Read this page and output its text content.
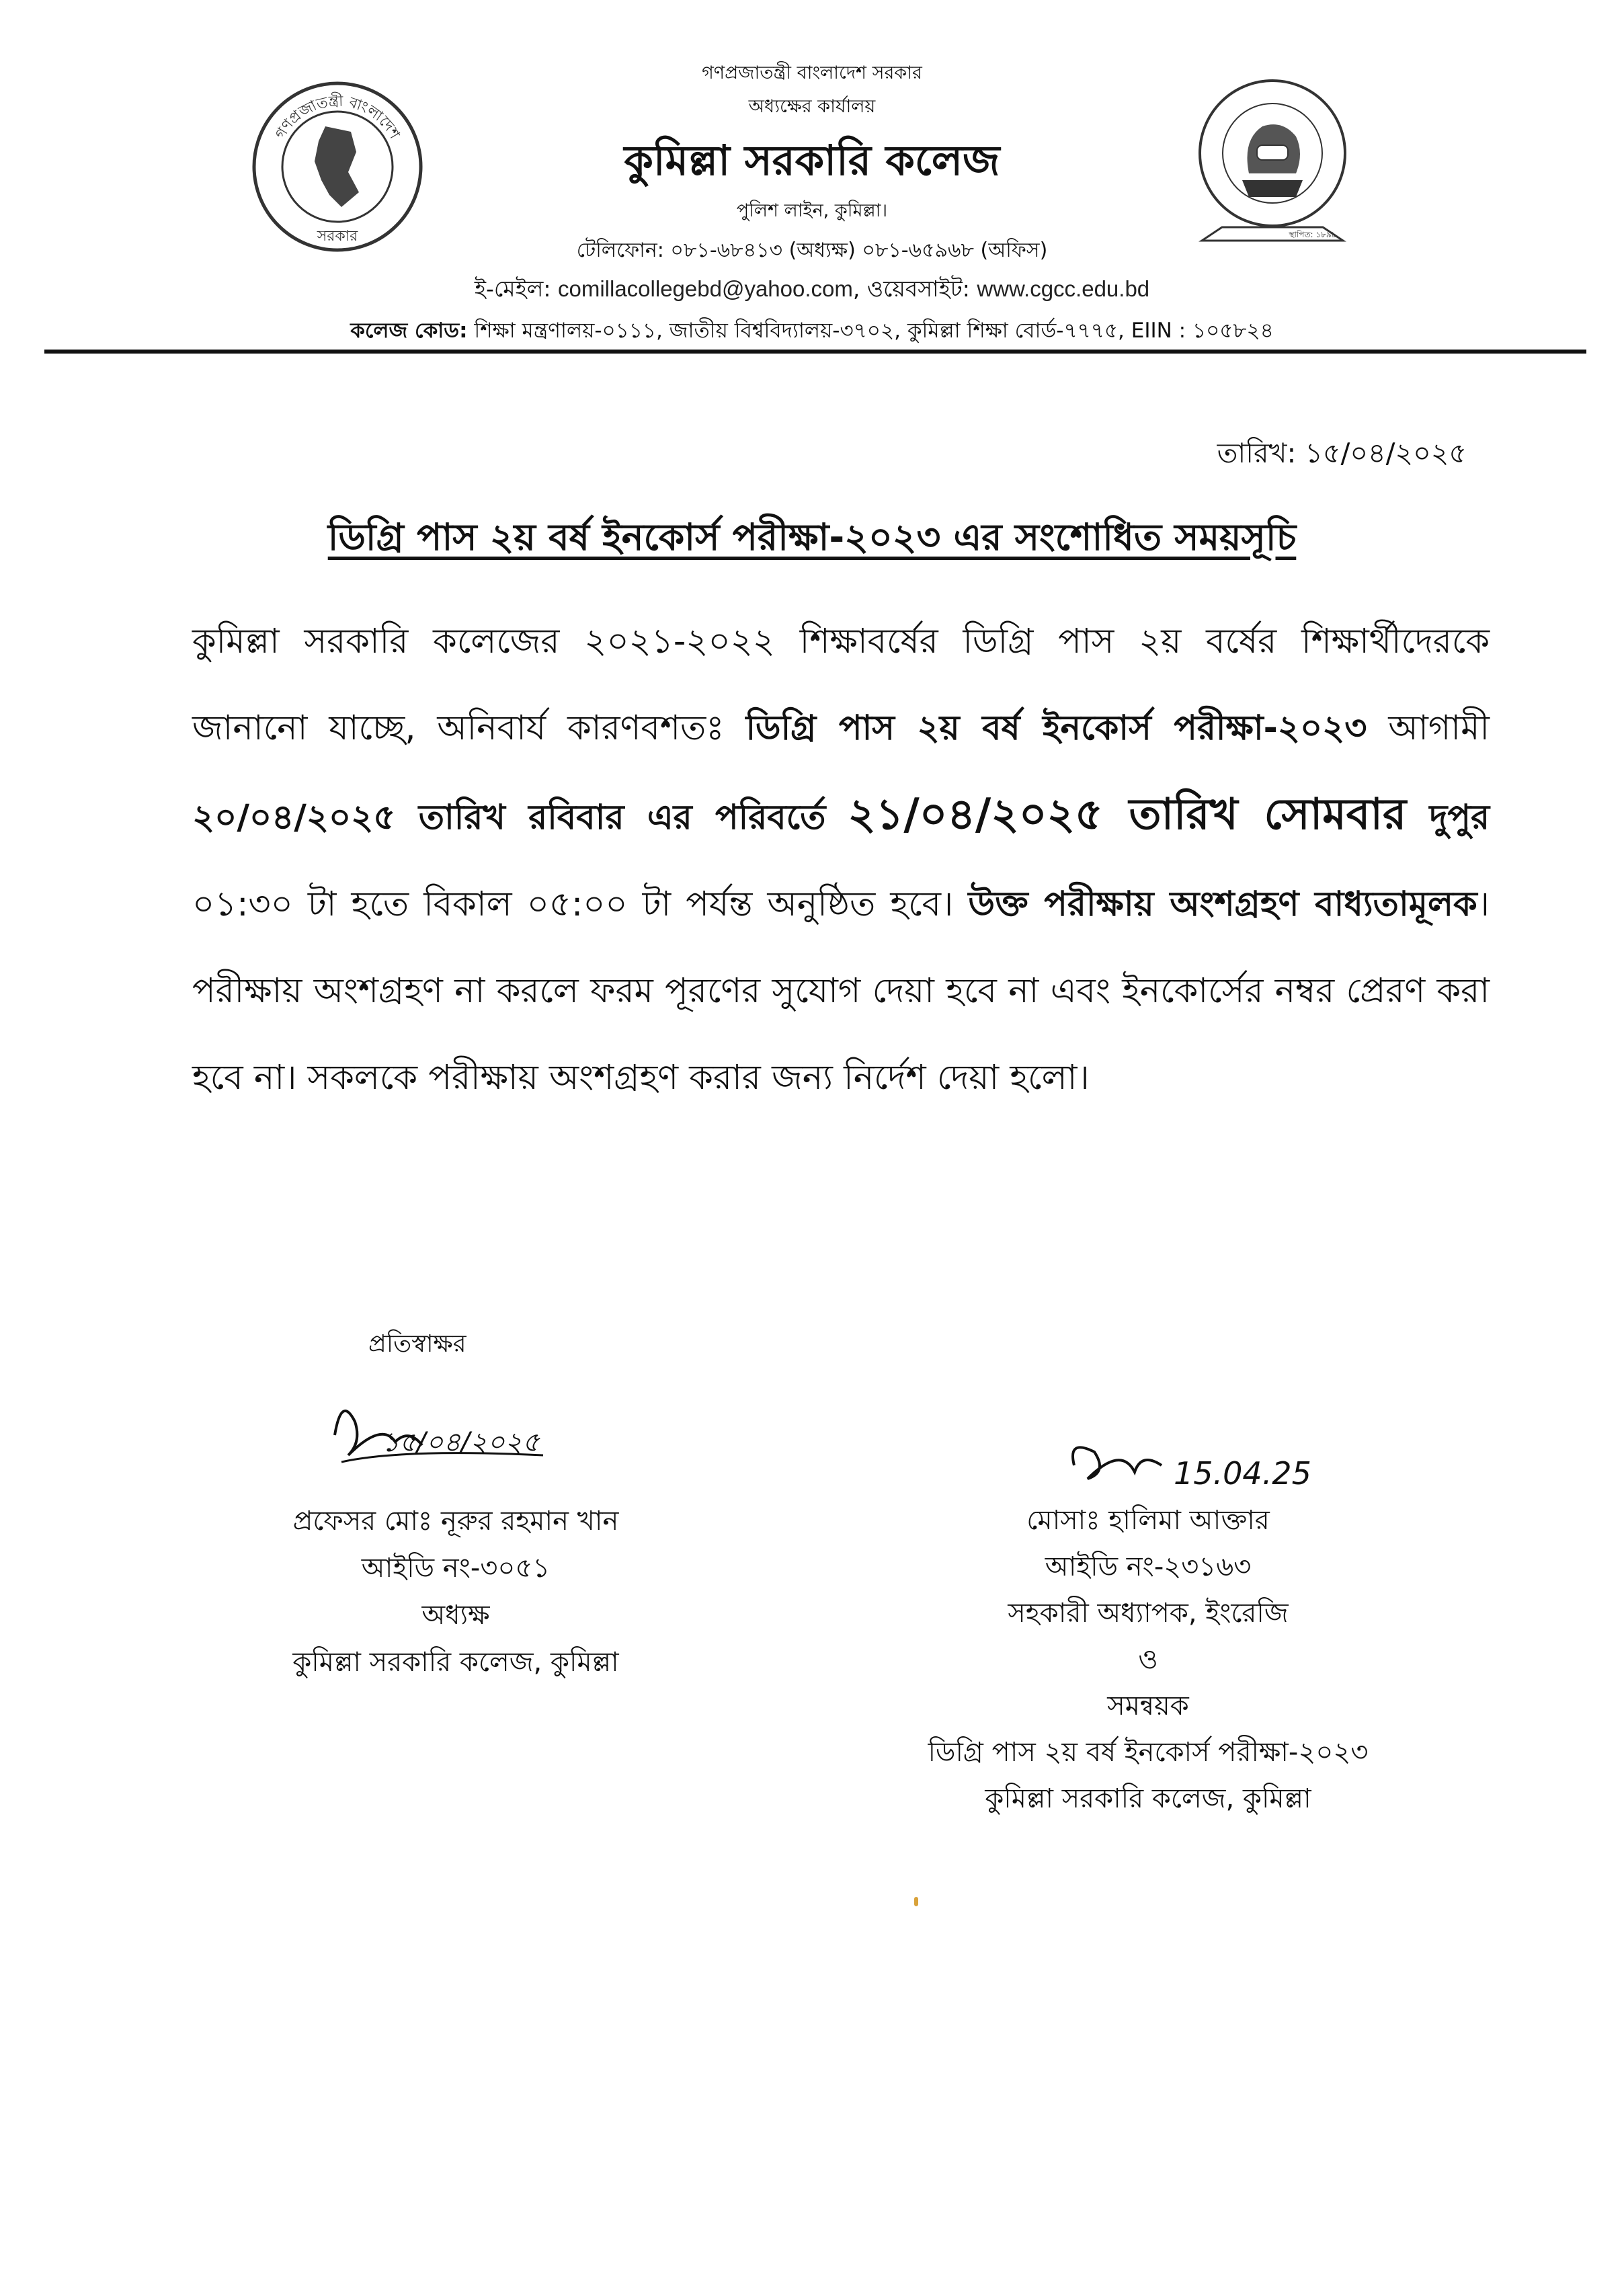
গণপ্রজাতন্ত্রী বাংলাদেশ
সরকার	স্থাপিত: ১৮৯৯
গণপ্রজাতন্ত্রী বাংলাদেশ সরকার
অধ্যক্ষের কার্যালয়
কুমিল্লা সরকারি কলেজ
পুলিশ লাইন, কুমিল্লা।
টেলিফোন: ০৮১-৬৮৪১৩ (অধ্যক্ষ) ০৮১-৬৫৯৬৮ (অফিস)
ই-মেইল: comillacollegebd@yahoo.com, ওয়েবসাইট: www.cgcc.edu.bd
কলেজ কোড: শিক্ষা মন্ত্রণালয়-০১১১, জাতীয় বিশ্ববিদ্যালয়-৩৭০২, কুমিল্লা শিক্ষা বোর্ড-৭৭৭৫, EIIN : ১০৫৮২৪
তারিখ: ১৫/০৪/২০২৫
ডিগ্রি পাস ২য় বর্ষ ইনকোর্স পরীক্ষা-২০২৩ এর সংশোধিত সময়সূচি
কুমিল্লা সরকারি কলেজের ২০২১-২০২২ শিক্ষাবর্ষের ডিগ্রি পাস ২য় বর্ষের শিক্ষার্থীদেরকে জানানো যাচ্ছে, অনিবার্য কারণবশতঃ ডিগ্রি পাস ২য় বর্ষ ইনকোর্স পরীক্ষা-২০২৩ আগামী ২০/০৪/২০২৫ তারিখ রবিবার এর পরিবর্তে ২১/০৪/২০২৫ তারিখ সোমবার দুপুর ০১:৩০ টা হতে বিকাল ০৫:০০ টা পর্যন্ত অনুষ্ঠিত হবে। উক্ত পরীক্ষায় অংশগ্রহণ বাধ্যতামূলক। পরীক্ষায় অংশগ্রহণ না করলে ফরম পূরণের সুযোগ দেয়া হবে না এবং ইনকোর্সের নম্বর প্রেরণ করা হবে না। সকলকে পরীক্ষায় অংশগ্রহণ করার জন্য নির্দেশ দেয়া হলো।
প্রতিস্বাক্ষর
১৫/০৪/২০২৫
প্রফেসর মোঃ নূরুর রহমান খান
আইডি নং-৩০৫১
অধ্যক্ষ
কুমিল্লা সরকারি কলেজ, কুমিল্লা
15.04.25
মোসাঃ হালিমা আক্তার
আইডি নং-২৩১৬৩
সহকারী অধ্যাপক, ইংরেজি
ও
সমন্বয়ক
ডিগ্রি পাস ২য় বর্ষ ইনকোর্স পরীক্ষা-২০২৩
কুমিল্লা সরকারি কলেজ, কুমিল্লা
